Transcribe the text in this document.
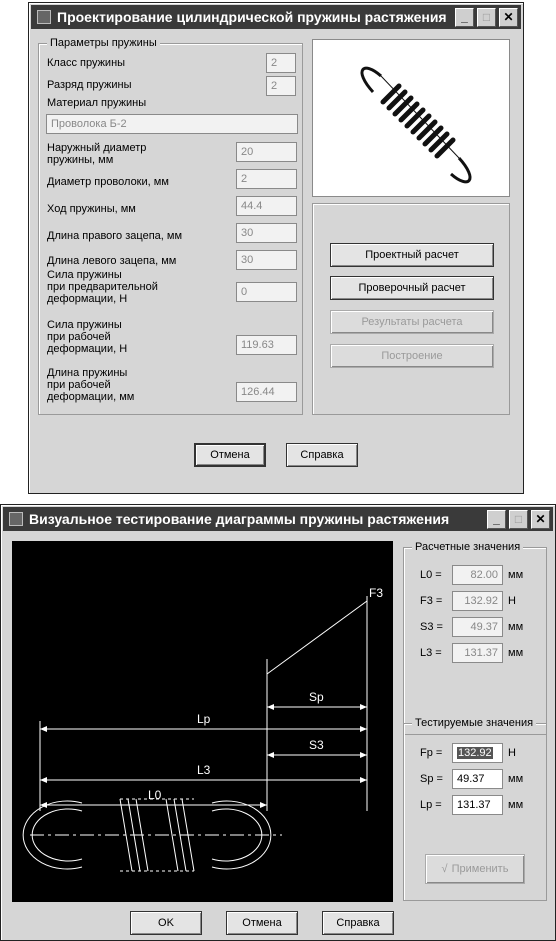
Проектирование цилиндрической пружины растяжения	_	□	✕
Параметры пружины
Класс пружины	2
Разряд пружины	2
Материал пружины
Проволока Б-2
Наружный диаметр
пружины, мм
20
Диаметр проволоки, мм	2
Ход пружины, мм	44.4
Длина правого зацепа, мм	30
Длина левого зацепа, мм	30
Сила пружины
при предварительной
деформации, Н
0
Сила пружины
при рабочей
деформации, Н	119.63
Длина пружины
при рабочей
деформации, мм	126.44
Проектный расчет
Проверочный расчет
Результаты расчета
Построение
Отмена	Справка
Визуальное тестирование диаграммы пружины растяжения	_	□	✕
F3
Sp
Lp
S3
L3
L0
Расчетные значения
L0 =	82.00 мм
F3 =	132.92 Н
S3 =	49.37 мм
L3 =	131.37 мм
Тестируемые значения
Fp =	132.92	Н
Sp =	49.37	мм
Lp =	131.37	мм
√ Применить
OK	Отмена	Справка
